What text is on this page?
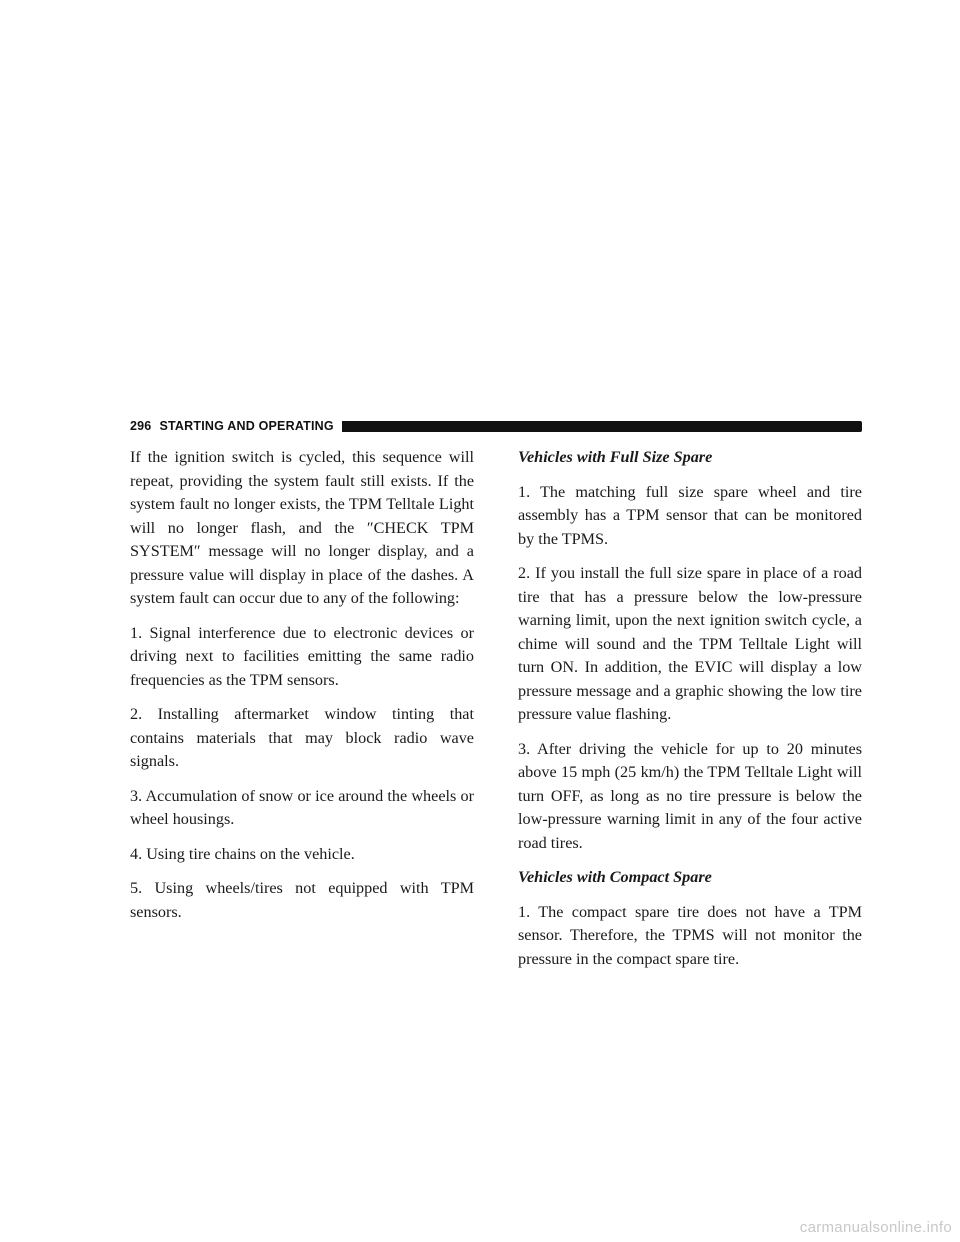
296 STARTING AND OPERATING

If the ignition switch is cycled, this sequence will repeat, providing the system fault still exists. If the system fault no longer exists, the TPM Telltale Light will no longer flash, and the ″CHECK TPM SYSTEM″ message will no longer display, and a pressure value will display in place of the dashes. A system fault can occur due to any of the following:

1. Signal interference due to electronic devices or driving next to facilities emitting the same radio frequencies as the TPM sensors.

2. Installing aftermarket window tinting that contains materials that may block radio wave signals.

3. Accumulation of snow or ice around the wheels or wheel housings.

4. Using tire chains on the vehicle.

5. Using wheels/tires not equipped with TPM sensors.

Vehicles with Full Size Spare

1. The matching full size spare wheel and tire assembly has a TPM sensor that can be monitored by the TPMS.

2. If you install the full size spare in place of a road tire that has a pressure below the low-pressure warning limit, upon the next ignition switch cycle, a chime will sound and the TPM Telltale Light will turn ON. In addition, the EVIC will display a low pressure message and a graphic showing the low tire pressure value flashing.

3. After driving the vehicle for up to 20 minutes above 15 mph (25 km/h) the TPM Telltale Light will turn OFF, as long as no tire pressure is below the low-pressure warning limit in any of the four active road tires.

Vehicles with Compact Spare

1. The compact spare tire does not have a TPM sensor. Therefore, the TPMS will not monitor the pressure in the compact spare tire.

carmanualsonline.info
